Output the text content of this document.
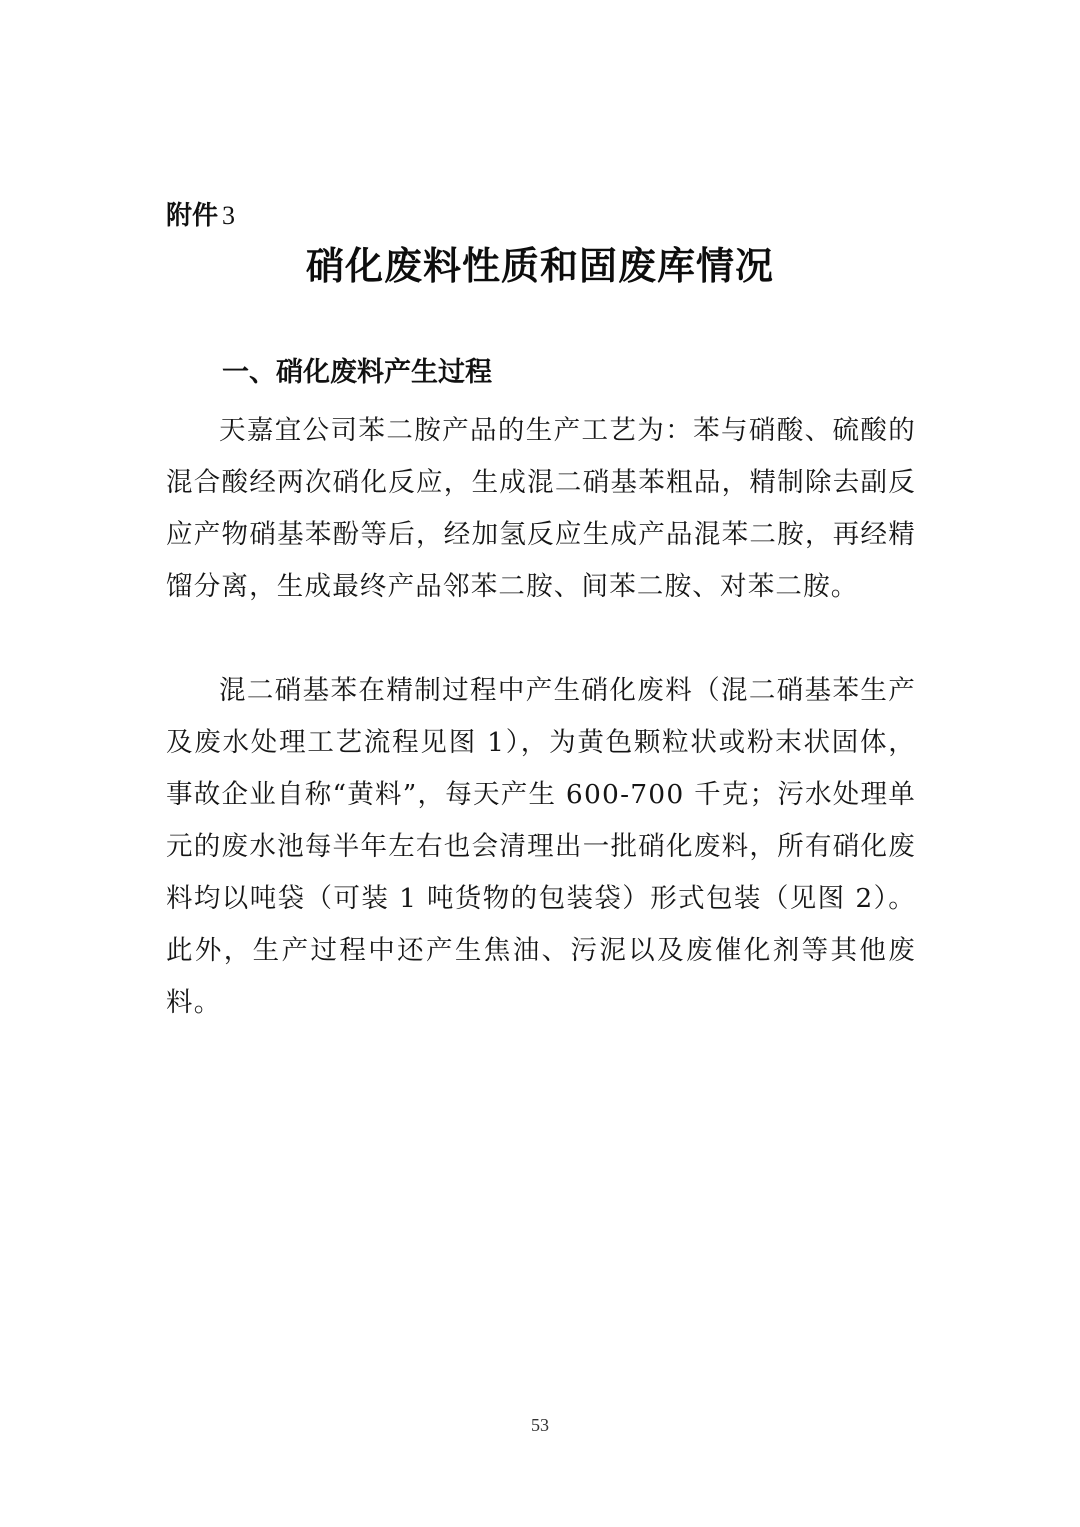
附件 3
硝化废料性质和固废库情况
一、硝化废料产生过程

天嘉宜公司苯二胺产品的生产工艺为：苯与硝酸、硫酸的混合酸经两次硝化反应，生成混二硝基苯粗品，精制除去副反应产物硝基苯酚等后，经加氢反应生成产品混苯二胺，再经精馏分离，生成最终产品邻苯二胺、间苯二胺、对苯二胺。

混二硝基苯在精制过程中产生硝化废料（混二硝基苯生产及废水处理工艺流程见图 1），为黄色颗粒状或粉末状固体，事故企业自称“黄料”，每天产生 600-700 千克；污水处理单元的废水池每半年左右也会清理出一批硝化废料，所有硝化废料均以吨袋（可装 1 吨货物的包装袋）形式包装（见图 2）。此外，生产过程中还产生焦油、污泥以及废催化剂等其他废料。

53
